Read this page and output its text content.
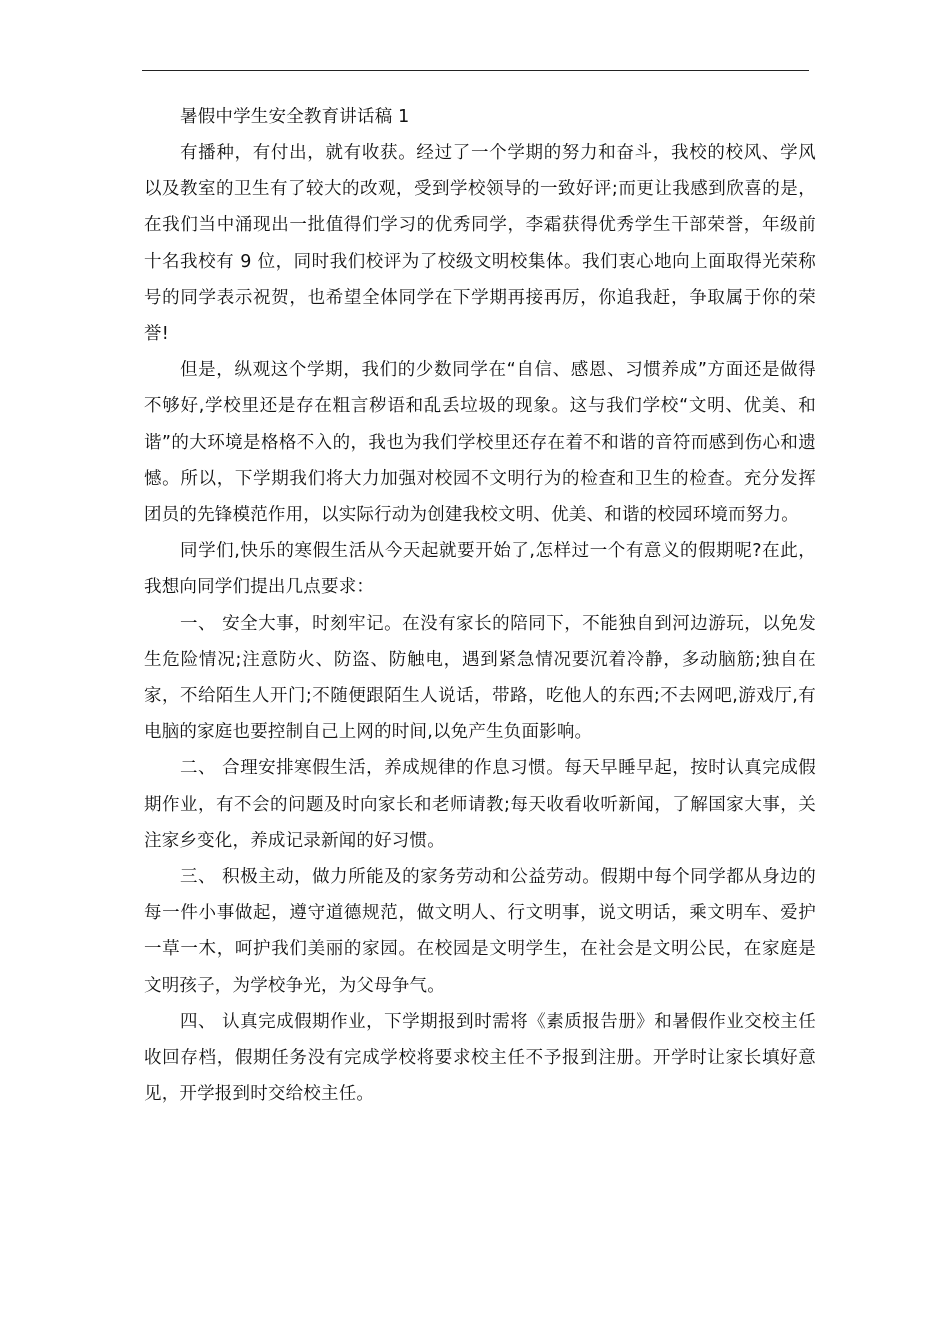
暑假中学生安全教育讲话稿 1

有播种，有付出，就有收获。经过了一个学期的努力和奋斗，我校的校风、学风以及教室的卫生有了较大的改观，受到学校领导的一致好评;而更让我感到欣喜的是，在我们当中涌现出一批值得们学习的优秀同学，李霜获得优秀学生干部荣誉，年级前十名我校有 9 位，同时我们校评为了校级文明校集体。我们衷心地向上面取得光荣称号的同学表示祝贺，也希望全体同学在下学期再接再厉，你追我赶，争取属于你的荣誉!

但是，纵观这个学期，我们的少数同学在“自信、感恩、习惯养成”方面还是做得不够好,学校里还是存在粗言秽语和乱丢垃圾的现象。这与我们学校“文明、优美、和谐”的大环境是格格不入的，我也为我们学校里还存在着不和谐的音符而感到伤心和遗憾。所以，下学期我们将大力加强对校园不文明行为的检查和卫生的检查。充分发挥团员的先锋模范作用，以实际行动为创建我校文明、优美、和谐的校园环境而努力。

同学们,快乐的寒假生活从今天起就要开始了,怎样过一个有意义的假期呢?在此，我想向同学们提出几点要求：

一、 安全大事，时刻牢记。在没有家长的陪同下，不能独自到河边游玩，以免发生危险情况;注意防火、防盗、防触电，遇到紧急情况要沉着冷静，多动脑筋;独自在家，不给陌生人开门;不随便跟陌生人说话，带路，吃他人的东西;不去网吧,游戏厅,有电脑的家庭也要控制自己上网的时间,以免产生负面影响。

二、 合理安排寒假生活，养成规律的作息习惯。每天早睡早起，按时认真完成假期作业，有不会的问题及时向家长和老师请教;每天收看收听新闻，了解国家大事，关注家乡变化，养成记录新闻的好习惯。

三、 积极主动，做力所能及的家务劳动和公益劳动。假期中每个同学都从身边的每一件小事做起，遵守道德规范，做文明人、行文明事，说文明话，乘文明车、爱护一草一木，呵护我们美丽的家园。在校园是文明学生，在社会是文明公民，在家庭是文明孩子，为学校争光，为父母争气。

四、 认真完成假期作业，下学期报到时需将《素质报告册》和暑假作业交校主任收回存档，假期任务没有完成学校将要求校主任不予报到注册。开学时让家长填好意见，开学报到时交给校主任。
